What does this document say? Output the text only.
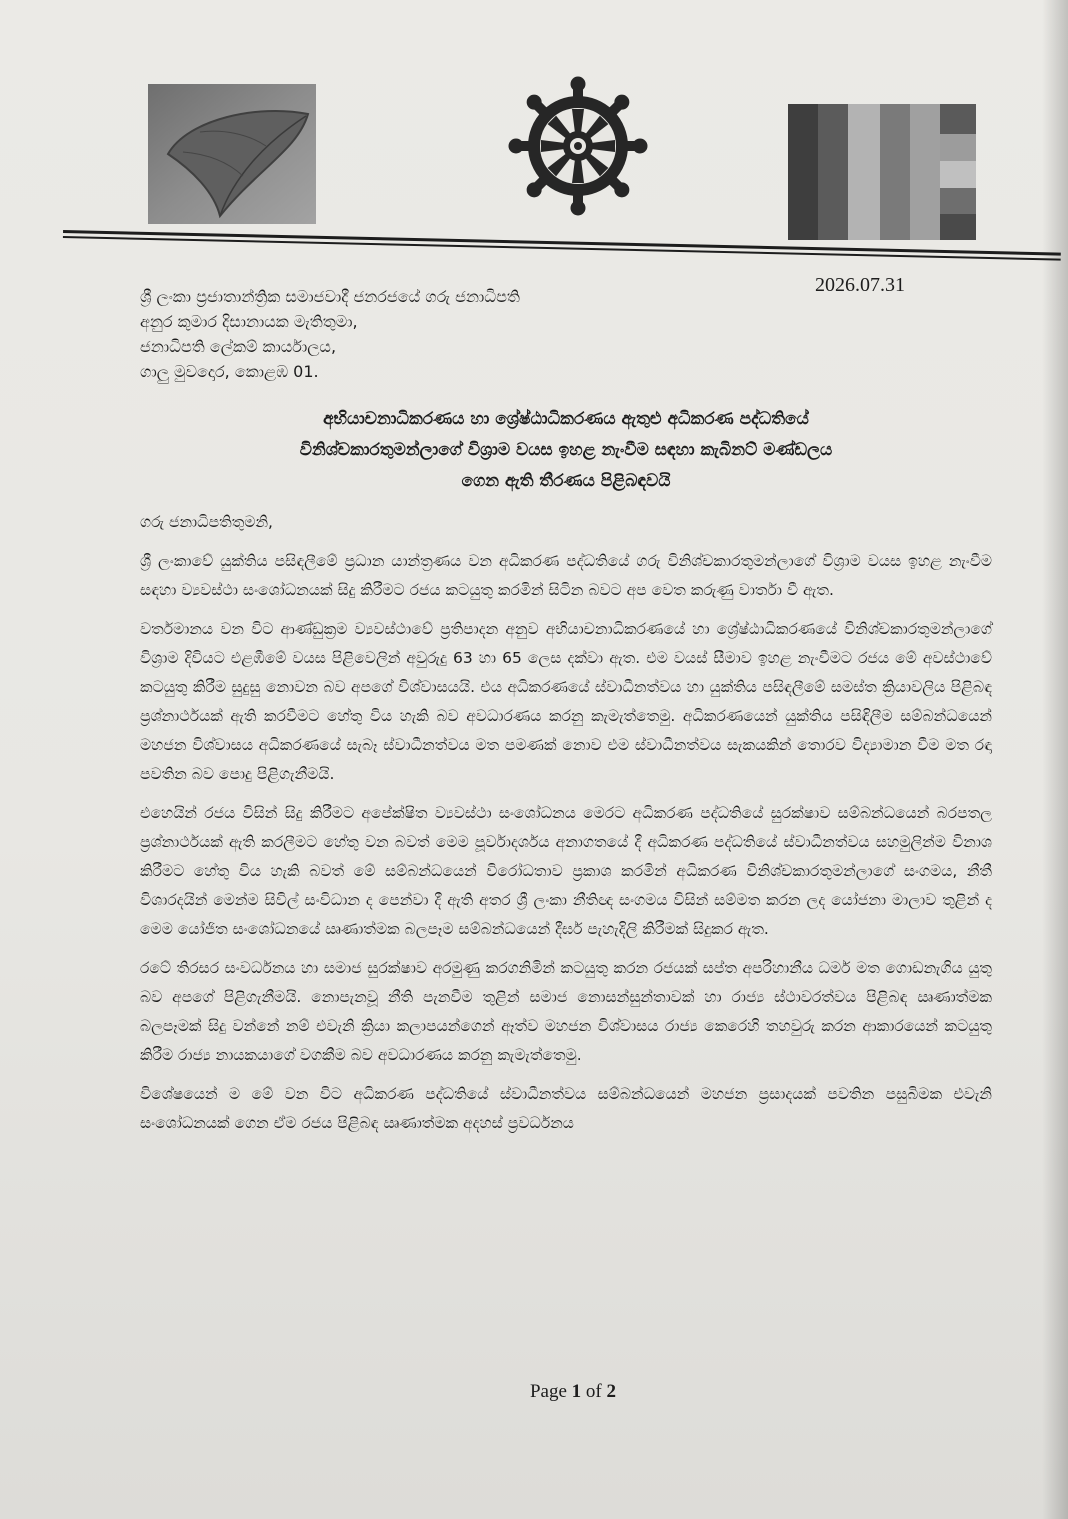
2026.07.31
ශ්‍රී ලංකා ප්‍රජාතාන්ත්‍රික සමාජවාදී ජනරජයේ ගරු ජනාධිපති
අනුර කුමාර දිසානායක මැතිතුමා,
ජනාධිපති ලේකම් කාර්යාලය,
ගාලු මුවදොර, කොළඹ 01.
අභියාචනාධිකරණය හා ශ්‍රේෂ්ඨාධිකරණය ඇතුළු අධිකරණ පද්ධතියේ
විනිශ්චකාරතුමන්ලාගේ විශ්‍රාම වයස ඉහළ නැංවීම සඳහා කැබිනට් මණ්ඩලය
ගෙන ඇති තීරණය පිළිබඳවයි

ගරු ජනාධිපතිතුමනි,

ශ්‍රී ලංකාවේ යුක්තිය පසිඳලීමේ ප්‍රධාන යාන්ත්‍රණය වන අධිකරණ පද්ධතියේ ගරු විනිශ්චකාරතුමන්ලාගේ විශ්‍රාම වයස ඉහළ නැංවීම සඳහා ව්‍යවස්ථා සංශෝධනයක් සිදු කිරීමට රජය කටයුතු කරමින් සිටින බවට අප වෙත කරුණු වාර්තා වී ඇත.

වර්තමානය වන විට ආණ්ඩුක්‍රම ව්‍යවස්ථාවේ ප්‍රතිපාදන අනුව අභියාචනාධිකරණයේ හා ශ්‍රේෂ්ඨාධිකරණයේ විනිශ්චකාරතුමන්ලාගේ විශ්‍රාම දිවියට එළඹීමේ වයස පිළිවෙලින් අවුරුදු 63 හා 65 ලෙස දක්වා ඇත. එම වයස් සීමාව ඉහළ නැංවීමට රජය මේ අවස්ථාවේ කටයුතු කිරීම සුදුසු නොවන බව අපගේ විශ්වාසයයි. එය අධිකරණයේ ස්වාධීනත්වය හා යුක්තිය පසිඳලීමේ සමස්ත ක්‍රියාවලිය පිළිබඳ ප්‍රශ්නාර්ථයක් ඇති කරවීමට හේතු විය හැකි බව අවධාරණය කරනු කැමැත්තෙමු. අධිකරණයෙන් යුක්තිය පසිඳිලීම සම්බන්ධයෙන් මහජන විශ්වාසය අධිකරණයේ සැබෑ ස්වාධීනත්වය මත පමණක් නොව එම ස්වාධීනත්වය සැකයකින් තොරව විද්‍යාමාන වීම මත රඳා පවතින බව පොදු පිළිගැනීමයි.

එහෙයින් රජය විසින් සිදු කිරීමට අපේක්ෂිත ව්‍යවස්ථා සංශෝධනය මෙරට අධිකරණ පද්ධතියේ සුරක්ෂාව සම්බන්ධයෙන් බරපතල ප්‍රශ්නාර්ථයක් ඇති කරලීමට හේතු වන බවත් මෙම පූර්වාදර්ශය අනාගතයේ දී අධිකරණ පද්ධතියේ ස්වාධීනත්වය සහමුලින්ම විනාශ කිරීමට හේතු විය හැකි බවත් මේ සම්බන්ධයෙන් විරෝධතාව ප්‍රකාශ කරමින් අධිකරණ විනිශ්චකාරතුමන්ලාගේ සංගමය, නීතී විශාරදයින් මෙන්ම සිවිල් සංවිධාන ද පෙන්වා දී ඇති අතර ශ්‍රී ලංකා නීතිඥ සංගමය විසින් සම්මත කරන ලද යෝජනා මාලාව තුළින් ද මෙම යෝජිත සංශෝධනයේ ඍණාත්මක බලපෑම සම්බන්ධයෙන් දීර්ඝ පැහැදිලි කිරීමක් සිදුකර ඇත.

රටේ තිරසර සංවර්ධනය හා සමාජ සුරක්ෂාව අරමුණු කරගනිමින් කටයුතු කරන රජයක් සප්ත අපරිහානීය ධර්ම මත ගොඩනැගිය යුතු බව අපගේ පිළිගැනීමයි. නොපැනවූ නීති පැනවීම තුළින් සමාජ නොසන්සුන්තාවක් හා රාජ්‍ය ස්ථාවරත්වය පිළිබඳ ඍණාත්මක බලපෑමක් සිදු වන්නේ නම් එවැනි ක්‍රියා කලාපයන්ගෙන් ඈත්ව මහජන විශ්වාසය රාජ්‍ය කෙරෙහි තහවුරු කරන ආකාරයෙන් කටයුතු කිරීම රාජ්‍ය නායකයාගේ වගකීම බව අවධාරණය කරනු කැමැත්තෙමු.

විශේෂයෙන් ම මේ වන විට අධිකරණ පද්ධතියේ ස්වාධීනත්වය සම්බන්ධයෙන් මහජන ප්‍රසාදයක් පවතින පසුබිමක එවැනි සංශෝධනයක් ගෙන ඒම රජය පිළිබඳ ඍණාත්මක අදහස් ප්‍රවර්ධනය

Page 1 of 2
